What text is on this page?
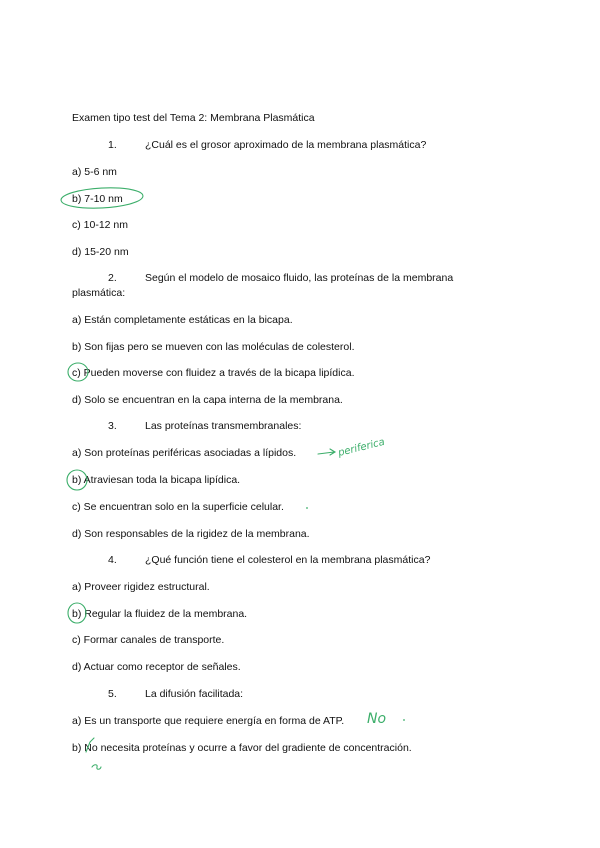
Examen tipo test del Tema 2: Membrana Plasmática
1.	¿Cuál es el grosor aproximado de la membrana plasmática?
a) 5-6 nm
b) 7-10 nm
c) 10-12 nm
d) 15-20 nm
2.	Según el modelo de mosaico fluido, las proteínas de la membrana
plasmática:
a) Están completamente estáticas en la bicapa.
b) Son fijas pero se mueven con las moléculas de colesterol.
c) Pueden moverse con fluidez a través de la bicapa lipídica.
d) Solo se encuentran en la capa interna de la membrana.
3.	Las proteínas transmembranales:
a) Son proteínas periféricas asociadas a lípidos.
b) Atraviesan toda la bicapa lipídica.
c) Se encuentran solo en la superficie celular.
d) Son responsables de la rigidez de la membrana.
4.	¿Qué función tiene el colesterol en la membrana plasmática?
a) Proveer rigidez estructural.
b) Regular la fluidez de la membrana.
c) Formar canales de transporte.
d) Actuar como receptor de señales.
5.	La difusión facilitada:
a) Es un transporte que requiere energía en forma de ATP.
b) No necesita proteínas y ocurre a favor del gradiente de concentración.
periferica
No
